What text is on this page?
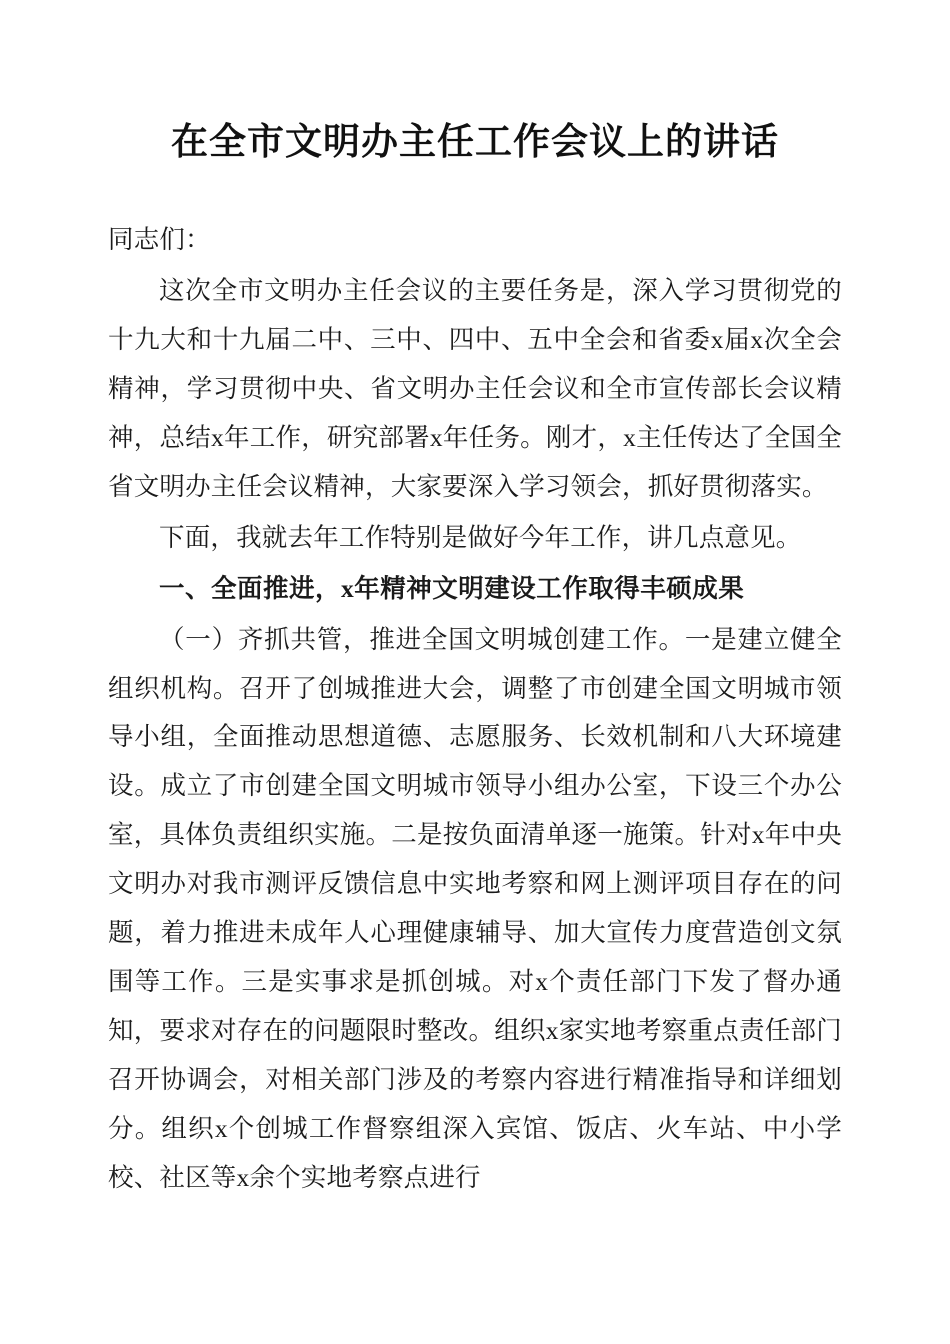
在全市文明办主任工作会议上的讲话

同志们：

这次全市文明办主任会议的主要任务是，深入学习贯彻党的十九大和十九届二中、三中、四中、五中全会和省委x届x次全会精神，学习贯彻中央、省文明办主任会议和全市宣传部长会议精神，总结x年工作，研究部署x年任务。刚才，x主任传达了全国全省文明办主任会议精神，大家要深入学习领会，抓好贯彻落实。

下面，我就去年工作特别是做好今年工作，讲几点意见。

一、全面推进，x年精神文明建设工作取得丰硕成果

（一）齐抓共管，推进全国文明城创建工作。一是建立健全组织机构。召开了创城推进大会，调整了市创建全国文明城市领导小组，全面推动思想道德、志愿服务、长效机制和八大环境建设。成立了市创建全国文明城市领导小组办公室，下设三个办公室，具体负责组织实施。二是按负面清单逐一施策。针对x年中央文明办对我市测评反馈信息中实地考察和网上测评项目存在的问题，着力推进未成年人心理健康辅导、加大宣传力度营造创文氛围等工作。三是实事求是抓创城。对x个责任部门下发了督办通知，要求对存在的问题限时整改。组织x家实地考察重点责任部门召开协调会，对相关部门涉及的考察内容进行精准指导和详细划分。组织x个创城工作督察组深入宾馆、饭店、火车站、中小学校、社区等x余个实地考察点进行
